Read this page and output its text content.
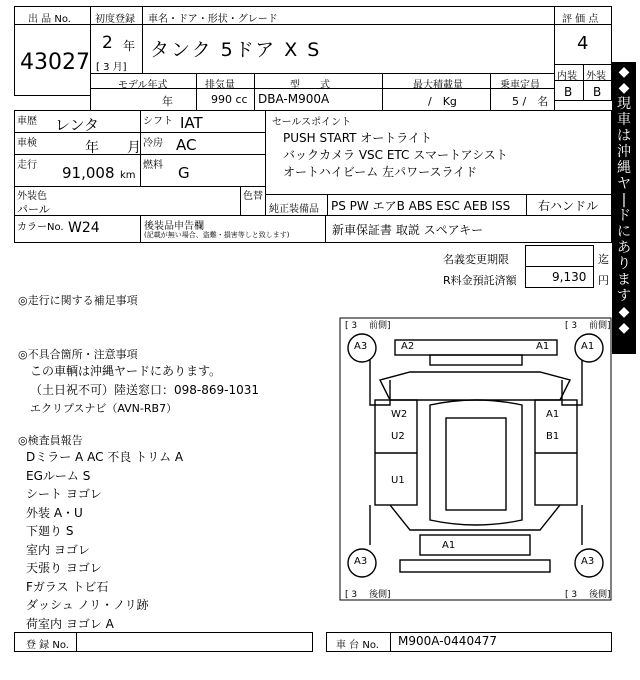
出 品 No.
43027
初度登録
2 年
[ 3 月]
車名・ドア・形状・グレード
タンク 5ドア X S
評 価 点
4
内装 外装
B B
モデル年式	排気量	型　　式	最大積載量	乗車定員
年	990 cc DBA-M900A	/　Kg	5 /　名
車歴 レンタ	シフト IAT
車検	年　　月 冷房 AC
走行 91,008 km
燃料 G
外装色
パール
色替
カラーNo. W24	後装品申告欄
(記載が無い場合、盗難・損害等しと致します)
セールスポイント
PUSH START オートライト
バックカメラ VSC ETC スマートアシスト
オートハイビーム 左パワースライド
純正装備品 PS PW エアB ABS ESC AEB ISS 右ハンドル
新車保証書 取説 スペアキー
名義変更期限	迄
R料金預託済額	9,130 円
◆
◆
現
車
は
沖
縄
ヤ
|
ド
に
あ
り
ま
す
◆
◆
◎走行に関する補足事項
◎不具合箇所・注意事項
この車輌は沖縄ヤードにあります。
（土日祝不可）陸送窓口：098-869-1031
エクリプスナビ（AVN-RB7）
◎検査員報告
Dミラー A AC 不良 トリム A
EGルーム S
シート ヨゴレ
外装 A・U
下廻り S
室内 ヨゴレ
天張り ヨゴレ
Fガラス トビ石
ダッシュ ノリ・ノリ跡
荷室内 ヨゴレ A
[ 3 　前側]	[ 3 　前側]
[ 3 　後側]	[ 3 　後側]
A3	A1
A3	A3
A2	A1
W2
U2
A1
B1
U1
A1
登 録 No.	車 台 No. M900A-0440477
